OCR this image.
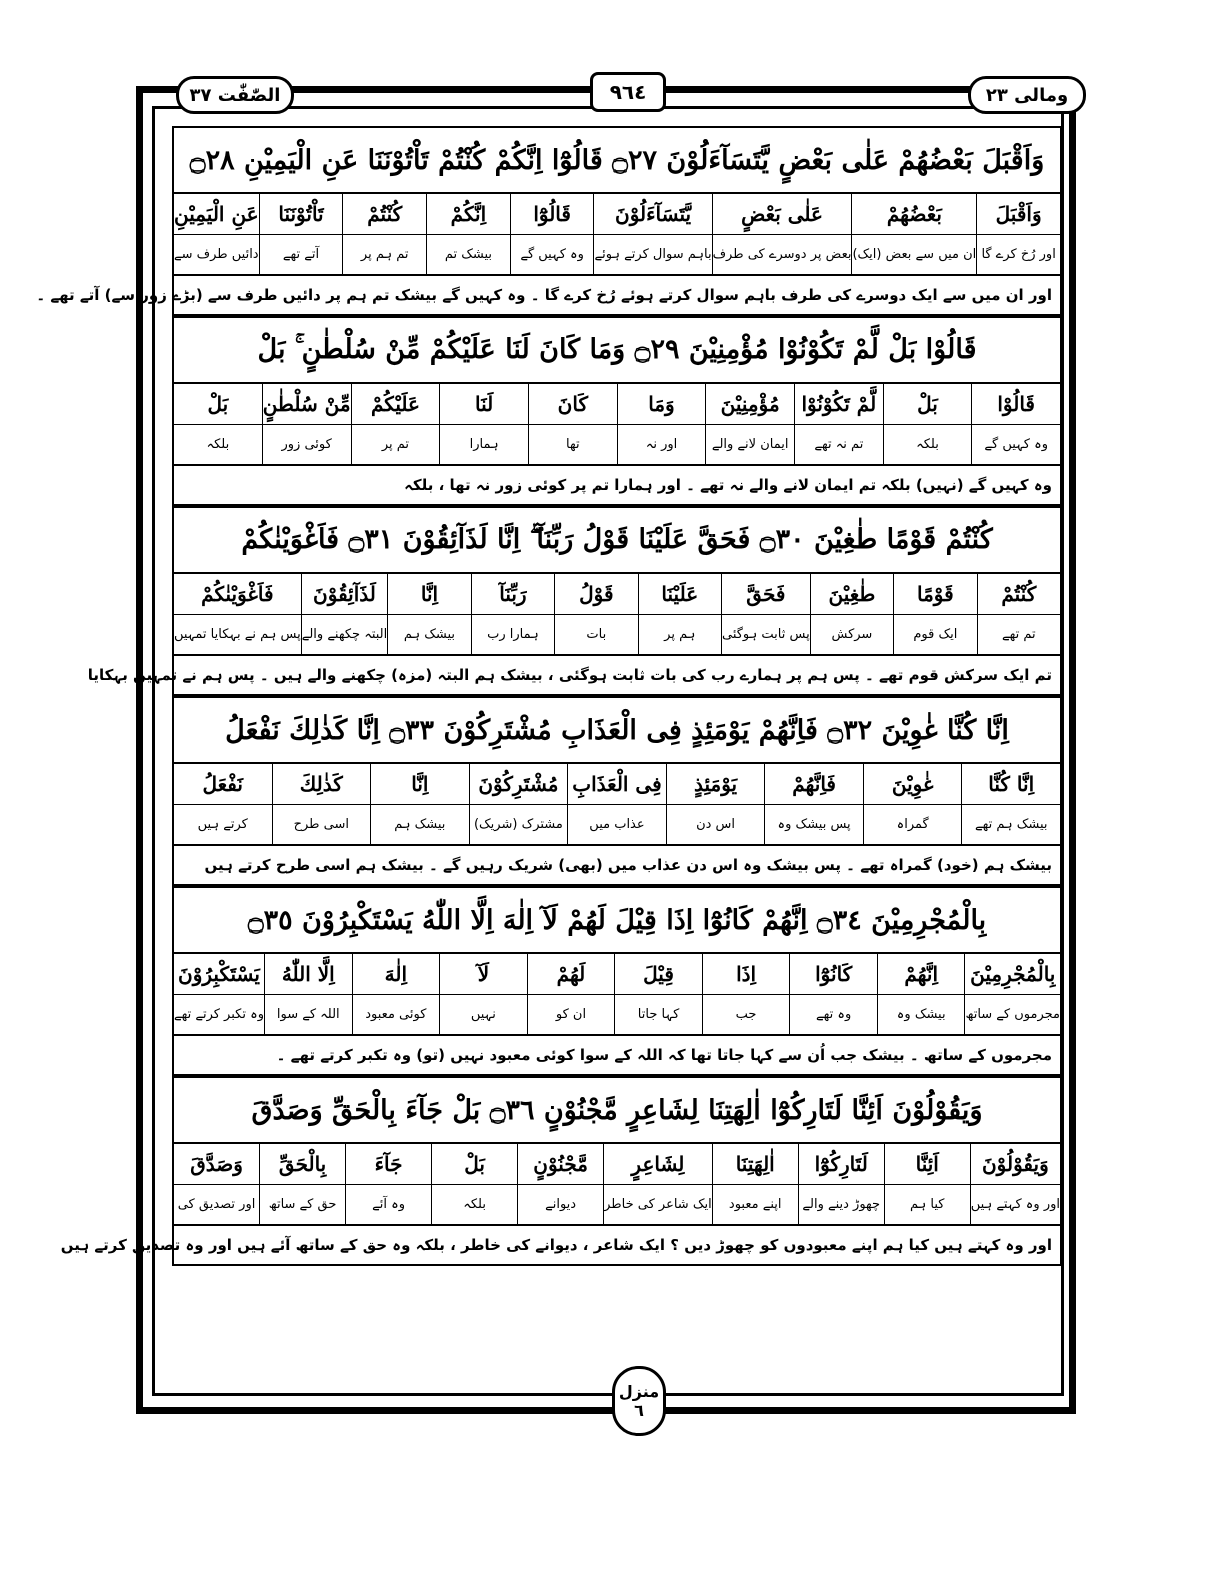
الصّٰفّٰت ٣٧	٩٦٤	ومالی ٢٣
وَاَقْبَلَ بَعْضُهُمْ عَلٰى بَعْضٍ يَّتَسَآءَلُوْنَ ۝٢٧ قَالُوْٓا اِنَّكُمْ كُنْتُمْ تَاْتُوْنَنَا عَنِ الْيَمِيْنِ ۝٢٨
وَاَقْبَلَ
اور رُخ کرے گا
بَعْضُهُمْ
ان میں سے بعض (ایک)
عَلٰى بَعْضٍ
بعض پر دوسرے کی طرف
يَّتَسَآءَلُوْنَ
باہم سوال کرتے ہوئے
قَالُوْٓا
وہ کہیں گے
اِنَّكُمْ
بیشک تم
كُنْتُمْ
تم ہم پر
تَاْتُوْنَنَا
آتے تھے
عَنِ الْيَمِيْنِ
دائیں طرف سے
اور ان میں سے ایک دوسرے کی طرف باہم سوال کرتے ہوئے رُخ کرے گا ۔ وہ کہیں گے بیشک تم ہم پر دائیں طرف سے (بڑے زور سے) آتے تھے ۔
قَالُوْا بَلْ لَّمْ تَكُوْنُوْا مُؤْمِنِيْنَ ۝٢٩ وَمَا كَانَ لَنَا عَلَيْكُمْ مِّنْ سُلْطٰنٍ ۚ بَلْ
قَالُوْا
وہ کہیں گے
بَلْ
بلکہ
لَّمْ تَكُوْنُوْا
تم نہ تھے
مُؤْمِنِيْنَ
ایمان لانے والے
وَمَا
اور نہ
كَانَ
تھا
لَنَا
ہمارا
عَلَيْكُمْ
تم پر
مِّنْ سُلْطٰنٍ
کوئی زور
بَلْ
بلکہ
وہ کہیں گے (نہیں) بلکہ تم ایمان لانے والے نہ تھے ۔ اور ہمارا تم پر کوئی زور نہ تھا ، بلکہ
كُنْتُمْ قَوْمًا طٰغِيْنَ ۝٣٠ فَحَقَّ عَلَيْنَا قَوْلُ رَبِّنَآ ۖ اِنَّا لَذَآئِقُوْنَ ۝٣١ فَاَغْوَيْنٰكُمْ
كُنْتُمْ
تم تھے
قَوْمًا
ایک قوم
طٰغِيْنَ
سرکش
فَحَقَّ
پس ثابت ہوگئی
عَلَيْنَا
ہم پر
قَوْلُ
بات
رَبِّنَآ
ہمارا رب
اِنَّا
بیشک ہم
لَذَآئِقُوْنَ
البتہ چکھنے والے
فَاَغْوَيْنٰكُمْ
پس ہم نے بہکایا تمہیں
تم ایک سرکش قوم تھے ۔ پس ہم پر ہمارے رب کی بات ثابت ہوگئی ، بیشک ہم البتہ (مزہ) چکھنے والے ہیں ۔ پس ہم نے تمہیں بہکایا
اِنَّا كُنَّا غٰوِيْنَ ۝٣٢ فَاِنَّهُمْ يَوْمَئِذٍ فِى الْعَذَابِ مُشْتَرِكُوْنَ ۝٣٣ اِنَّا كَذٰلِكَ نَفْعَلُ
اِنَّا كُنَّا
بیشک ہم تھے
غٰوِيْنَ
گمراہ
فَاِنَّهُمْ
پس بیشک وہ
يَوْمَئِذٍ
اس دن
فِى الْعَذَابِ
عذاب میں
مُشْتَرِكُوْنَ
مشترک (شریک)
اِنَّا
بیشک ہم
كَذٰلِكَ
اسی طرح
نَفْعَلُ
کرتے ہیں
بیشک ہم (خود) گمراہ تھے ۔ پس بیشک وہ اس دن عذاب میں (بھی) شریک رہیں گے ۔ بیشک ہم اسی طرح کرتے ہیں
بِالْمُجْرِمِيْنَ ۝٣٤ اِنَّهُمْ كَانُوْٓا اِذَا قِيْلَ لَهُمْ لَآ اِلٰهَ اِلَّا اللّٰهُ يَسْتَكْبِرُوْنَ ۝٣٥
بِالْمُجْرِمِيْنَ
مجرموں کے ساتھ
اِنَّهُمْ
بیشک وہ
كَانُوْٓا
وہ تھے
اِذَا
جب
قِيْلَ
کہا جاتا
لَهُمْ
ان کو
لَآ
نہیں
اِلٰهَ
کوئی معبود
اِلَّا اللّٰهُ
اللہ کے سوا
يَسْتَكْبِرُوْنَ
وہ تکبر کرتے تھے
مجرموں کے ساتھ ۔ بیشک جب اُن سے کہا جاتا تھا کہ اللہ کے سوا کوئی معبود نہیں (تو) وہ تکبر کرتے تھے ۔
وَيَقُوْلُوْنَ اَئِنَّا لَتَارِكُوْٓا اٰلِهَتِنَا لِشَاعِرٍ مَّجْنُوْنٍ ۝٣٦ بَلْ جَآءَ بِالْحَقِّ وَصَدَّقَ
وَيَقُوْلُوْنَ
اور وہ کہتے ہیں
اَئِنَّا
کیا ہم
لَتَارِكُوْٓا
چھوڑ دینے والے
اٰلِهَتِنَا
اپنے معبود
لِشَاعِرٍ
ایک شاعر کی خاطر
مَّجْنُوْنٍ
دیوانے
بَلْ
بلکہ
جَآءَ
وہ آئے
بِالْحَقِّ
حق کے ساتھ
وَصَدَّقَ
اور تصدیق کی
اور وہ کہتے ہیں کیا ہم اپنے معبودوں کو چھوڑ دیں ؟ ایک شاعر ، دیوانے کی خاطر ، بلکہ وہ حق کے ساتھ آئے ہیں اور وہ تصدیق کرتے ہیں
منزل
٦
